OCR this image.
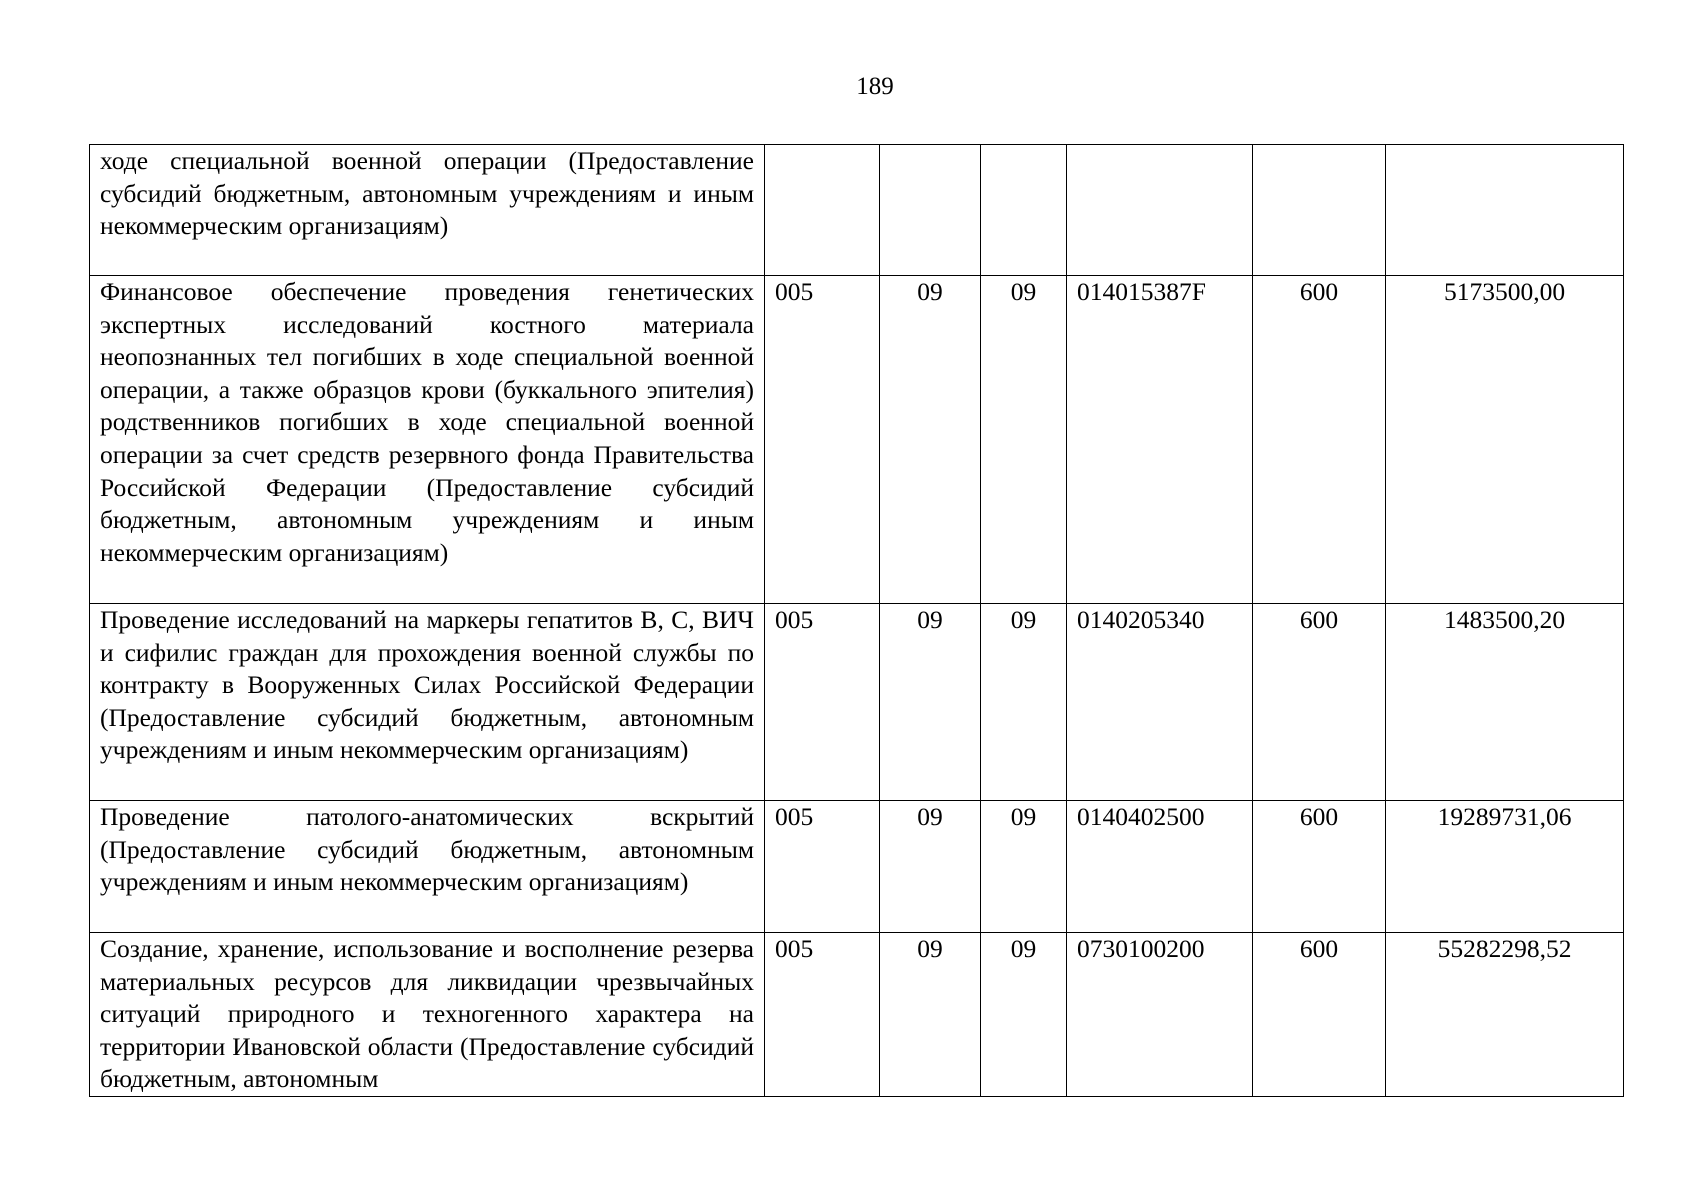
189
ходе специальной военной операции (Предоставление субсидий бюджетным, автономным учреждениям и иным некоммерческим организациям)						
Финансовое обеспечение проведения генетических экспертных исследований костного материала неопознанных тел погибших в ходе специальной военной операции, а также образцов крови (буккального эпителия) родственников погибших в ходе специальной военной операции за счет средств резервного фонда Правительства Российской Федерации (Предоставление субсидий бюджетным, автономным учреждениям и иным некоммерческим организациям)	005	09	09	014015387F	600	5173500,00
Проведение исследований на маркеры гепатитов В, С, ВИЧ и сифилис граждан для прохождения военной службы по контракту в Вооруженных Силах Российской Федерации (Предоставление субсидий бюджетным, автономным учреждениям и иным некоммерческим организациям)	005	09	09	0140205340	600	1483500,20
Проведение патолого-анатомических вскрытий (Предоставление субсидий бюджетным, автономным учреждениям и иным некоммерческим организациям)	005	09	09	0140402500	600	19289731,06
Создание, хранение, использование и восполнение резерва материальных ресурсов для ликвидации чрезвычайных ситуаций природного и техногенного характера на территории Ивановской области (Предоставление субсидий бюджетным, автономным	005	09	09	0730100200	600	55282298,52
